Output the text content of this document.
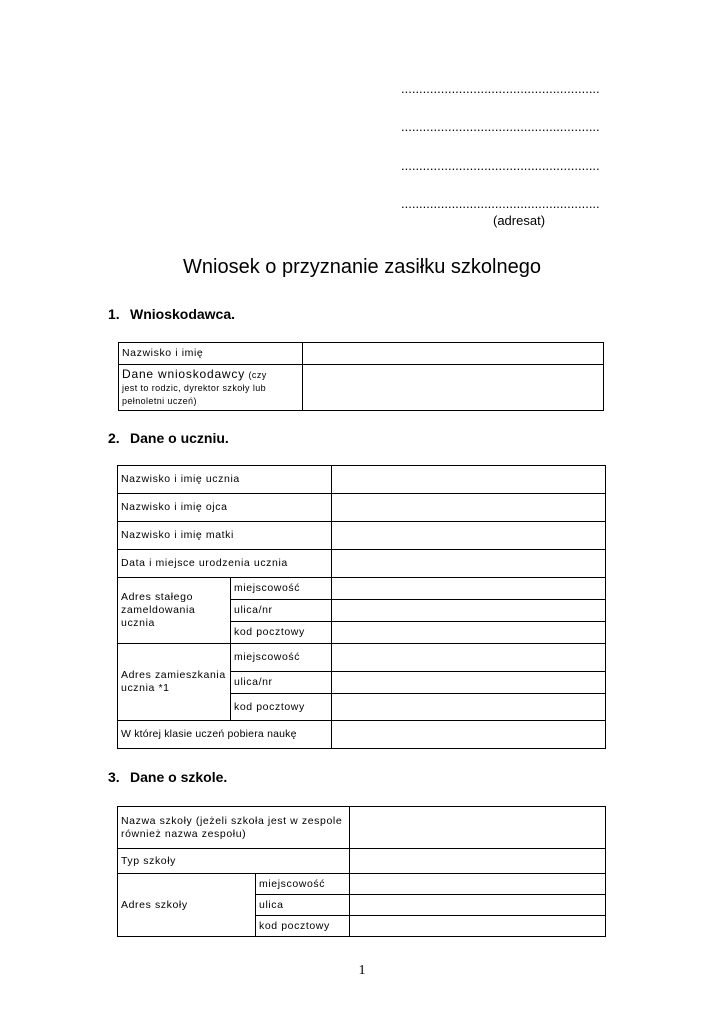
.......................................................
.......................................................
.......................................................
.......................................................
(adresat)
Wniosek o przyznanie zasiłku szkolnego
1. Wnioskodawca.
Nazwisko i imię	
Dane wnioskodawcy (czy
jest to rodzic, dyrektor szkoły lub pełnoletni uczeń)	
2. Dane o uczniu.
Nazwisko i imię ucznia		
Nazwisko i imię ojca		
Nazwisko i imię matki		
Data i miejsce urodzenia ucznia		
Adres stałego zameldowania ucznia	miejscowość	
	ulica/nr	
	kod pocztowy	
Adres zamieszkania ucznia *1	miejscowość	
	ulica/nr	
	kod pocztowy	
W której klasie uczeń pobiera naukę		
3. Dane o szkole.
Nazwa szkoły (jeżeli szkoła jest w zespole również nazwa zespołu)		
Typ szkoły		
Adres szkoły	miejscowość	
	ulica	
	kod pocztowy	
1
